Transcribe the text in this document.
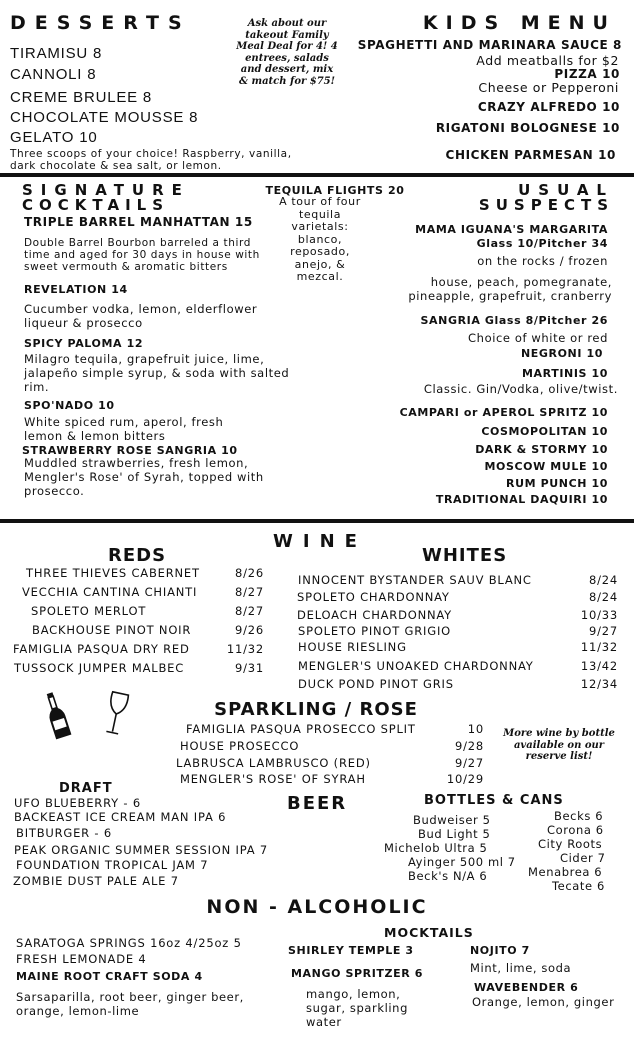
DESSERTS
TIRAMISU 8
CANNOLI 8
CREME BRULEE 8
CHOCOLATE MOUSSE 8
GELATO 10
Three scoops of your choice! Raspberry, vanilla, dark chocolate & sea salt, or lemon.
Ask about our takeout Family Meal Deal for 4! 4 entrees, salads and dessert, mix & match for $75!
KIDS MENU
SPAGHETTI AND MARINARA SAUCE 8
Add meatballs for $2
PIZZA 10
Cheese or Pepperoni
CRAZY ALFREDO 10
RIGATONI BOLOGNESE 10
CHICKEN PARMESAN 10
SIGNATURE
COCKTAILS
TRIPLE BARREL MANHATTAN 15
Double Barrel Bourbon barreled a third time and aged for 30 days in house with sweet vermouth & aromatic bitters
REVELATION 14
Cucumber vodka, lemon, elderflower liqueur & prosecco
SPICY PALOMA 12
Milagro tequila, grapefruit juice, lime, jalapeño simple syrup, & soda with salted rim.
SPO'NADO 10
White spiced rum, aperol, fresh lemon & lemon bitters
STRAWBERRY ROSE SANGRIA 10
Muddled strawberries, fresh lemon, Mengler's Rose' of Syrah, topped with prosecco.
TEQUILA FLIGHTS 20
A tour of four tequila varietals: blanco, reposado, anejo, & mezcal.
USUAL
SUSPECTS
MAMA IGUANA'S MARGARITA
Glass 10/Pitcher 34
on the rocks / frozen
house, peach, pomegranate, pineapple, grapefruit, cranberry
SANGRIA Glass 8/Pitcher 26
Choice of white or red
NEGRONI 10
MARTINIS 10
Classic. Gin/Vodka, olive/twist.
CAMPARI or APEROL SPRITZ 10
COSMOPOLITAN 10
DARK & STORMY 10
MOSCOW MULE 10
RUM PUNCH 10
TRADITIONAL DAQUIRI 10
WINE
REDS
THREE THIEVES CABERNET	8/26
VECCHIA CANTINA CHIANTI	8/27
SPOLETO MERLOT	8/27
BACKHOUSE PINOT NOIR	9/26
FAMIGLIA PASQUA DRY RED	11/32
TUSSOCK JUMPER MALBEC	9/31
WHITES
INNOCENT BYSTANDER SAUV BLANC	8/24
SPOLETO CHARDONNAY	8/24
DELOACH CHARDONNAY	10/33
SPOLETO PINOT GRIGIO	9/27
HOUSE RIESLING	11/32
MENGLER'S UNOAKED CHARDONNAY	13/42
DUCK POND PINOT GRIS	12/34
SPARKLING / ROSE
FAMIGLIA PASQUA PROSECCO SPLIT	10
HOUSE PROSECCO	9/28
LABRUSCA LAMBRUSCO (RED)	9/27
MENGLER'S ROSE' OF SYRAH	10/29
More wine by bottle available on our reserve list!
BEER
DRAFT
UFO BLUEBERRY - 6
BACKEAST ICE CREAM MAN IPA 6
BITBURGER - 6
PEAK ORGANIC SUMMER SESSION IPA 7
FOUNDATION TROPICAL JAM 7
ZOMBIE DUST PALE ALE 7
BOTTLES & CANS
Budweiser 5
Bud Light 5
Michelob Ultra 5
Ayinger 500 ml 7
Beck's N/A 6
Becks 6
Corona 6
City Roots
Cider 7
Menabrea 6
Tecate 6
NON - ALCOHOLIC
SARATOGA SPRINGS 16oz 4/25oz 5
FRESH LEMONADE 4
MAINE ROOT CRAFT SODA 4
Sarsaparilla, root beer, ginger beer, orange, lemon-lime
MOCKTAILS
SHIRLEY TEMPLE 3
MANGO SPRITZER 6
mango, lemon, sugar, sparkling water
NOJITO 7
Mint, lime, soda
WAVEBENDER 6
Orange, lemon, ginger
